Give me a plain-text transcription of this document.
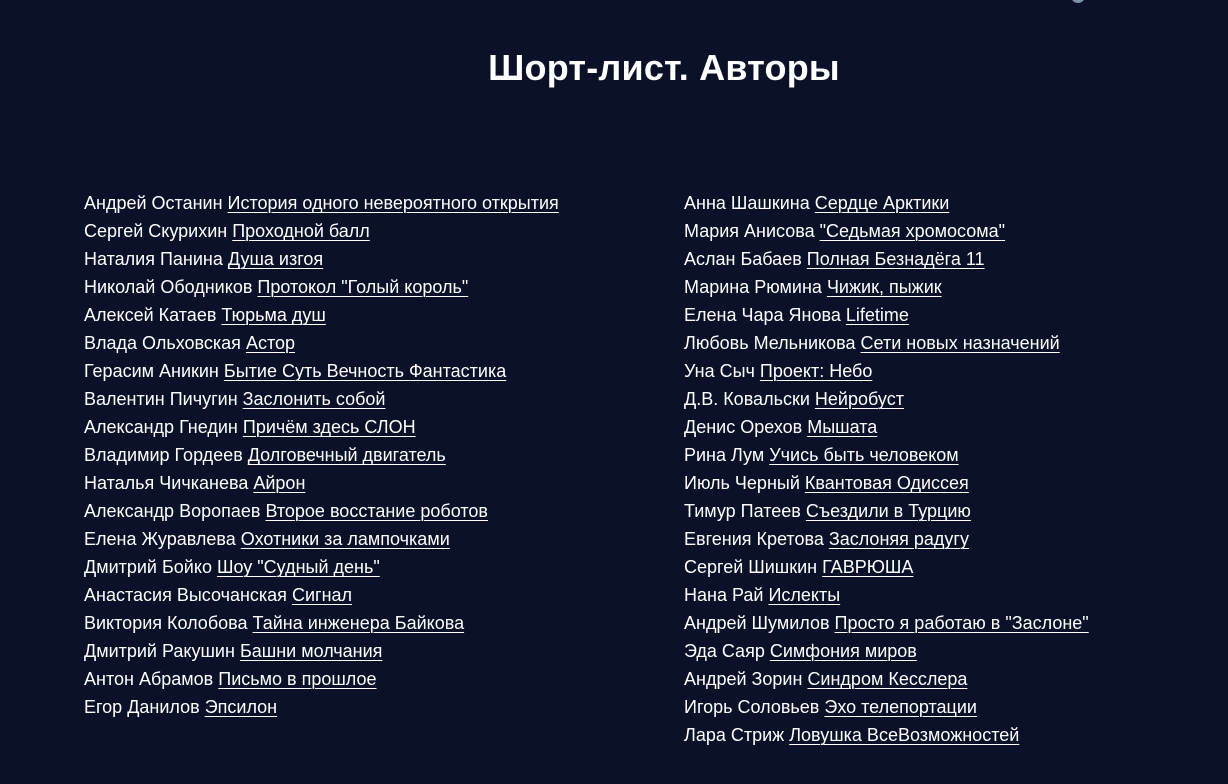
Шорт-лист. Авторы
Андрей Останин История одного невероятного открытия
Сергей Скурихин Проходной балл
Наталия Панина Душа изгоя
Николай Ободников Протокол "Голый король"
Алексей Катаев Тюрьма душ
Влада Ольховская Астор
Герасим Аникин Бытие Суть Вечность Фантастика
Валентин Пичугин Заслонить собой
Александр Гнедин Причём здесь СЛОН
Владимир Гордеев Долговечный двигатель
Наталья Чичканева Айрон
Александр Воропаев Второе восстание роботов
Елена Журавлева Охотники за лампочками
Дмитрий Бойко Шоу "Судный день"
Анастасия Высочанская Сигнал
Виктория Колобова Тайна инженера Байкова
Дмитрий Ракушин Башни молчания
Антон Абрамов Письмо в прошлое
Егор Данилов Эпсилон
Анна Шашкина Сердце Арктики
Мария Анисова "Седьмая хромосома"
Аслан Бабаев Полная Безнадёга 11
Марина Рюмина Чижик, пыжик
Елена Чара Янова Lifetime
Любовь Мельникова Сети новых назначений
Уна Сыч Проект: Небо
Д.В. Ковальски Нейробуст
Денис Орехов Мышата
Рина Лум Учись быть человеком
Июль Черный Квантовая Одиссея
Тимур Патеев Съездили в Турцию
Евгения Кретова Заслоняя радугу
Сергей Шишкин ГАВРЮША
Нана Рай Ислекты
Андрей Шумилов Просто я работаю в "Заслоне"
Эда Саяр Симфония миров
Андрей Зорин Синдром Кесслера
Игорь Соловьев Эхо телепортации
Лара Стриж Ловушка ВсеВозможностей
